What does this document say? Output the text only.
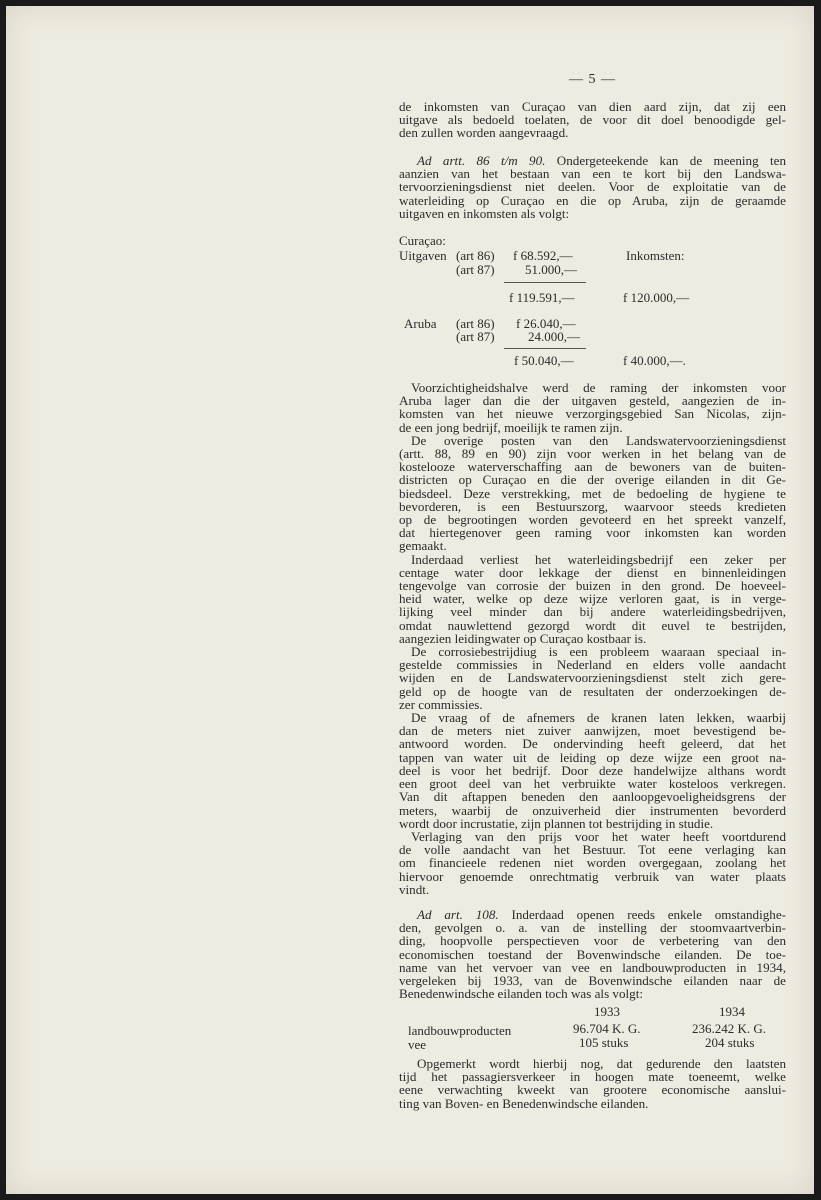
— 5 —
de inkomsten van Curaçao van dien aard zijn, dat zij een
uitgave als bedoeld toelaten, de voor dit doel benoodigde gel-
den zullen worden aangevraagd.
Ad artt. 86 t/m 90. Ondergeteekende kan de meening ten
aanzien van het bestaan van een te kort bij den Landswa-
tervoorzieningsdienst niet deelen. Voor de exploitatie van de
waterleiding op Curaçao en die op Aruba, zijn de geraamde
uitgaven en inkomsten als volgt:
Curaçao:
Uitgaven (art 86) f 68.592,—	Inkomsten:
(art 87) 51.000,—
f 119.591,—	f 120.000,—
Aruba (art 86) f 26.040,—
(art 87)	24.000,—
f 50.040,—	f 40.000,—.
Voorzichtigheidshalve werd de raming der inkomsten voor
Aruba lager dan die der uitgaven gesteld, aangezien de in-
komsten van het nieuwe verzorgingsgebied San Nicolas, zijn-
de een jong bedrijf, moeilijk te ramen zijn.
De overige posten van den Landswatervoorzieningsdienst
(artt. 88, 89 en 90) zijn voor werken in het belang van de
kostelooze waterverschaffing aan de bewoners van de buiten-
districten op Curaçao en die der overige eilanden in dit Ge-
biedsdeel. Deze verstrekking, met de bedoeling de hygiene te
bevorderen, is een Bestuurszorg, waarvoor steeds kredieten
op de begrootingen worden gevoteerd en het spreekt vanzelf,
dat hiertegenover geen raming voor inkomsten kan worden
gemaakt.
Inderdaad verliest het waterleidingsbedrijf een zeker per
centage water door lekkage der dienst en binnenleidingen
tengevolge van corrosie der buizen in den grond. De hoeveel-
heid water, welke op deze wijze verloren gaat, is in verge-
lijking veel minder dan bij andere waterleidingsbedrijven,
omdat nauwlettend gezorgd wordt dit euvel te bestrijden,
aangezien leidingwater op Curaçao kostbaar is.
De corrosiebestrijdiug is een probleem waaraan speciaal in-
gestelde commissies in Nederland en elders volle aandacht
wijden en de Landswatervoorzieningsdienst stelt zich gere-
geld op de hoogte van de resultaten der onderzoekingen de-
zer commissies.
De vraag of de afnemers de kranen laten lekken, waarbij
dan de meters niet zuiver aanwijzen, moet bevestigend be-
antwoord worden. De ondervinding heeft geleerd, dat het
tappen van water uit de leiding op deze wijze een groot na-
deel is voor het bedrijf. Door deze handelwijze althans wordt
een groot deel van het verbruikte water kosteloos verkregen.
Van dit aftappen beneden den aanloopgevoeligheidsgrens der
meters, waarbij de onzuiverheid dier instrumenten bevorderd
wordt door incrustatie, zijn plannen tot bestrijding in studie.
Verlaging van den prijs voor het water heeft voortdurend
de volle aandacht van het Bestuur. Tot eene verlaging kan
om financieele redenen niet worden overgegaan, zoolang het
hiervoor genoemde onrechtmatig verbruik van water plaats
vindt.
Ad art. 108. Inderdaad openen reeds enkele omstandighe-
den, gevolgen o. a. van de instelling der stoomvaartverbin-
ding, hoopvolle perspectieven voor de verbetering van den
economischen toestand der Bovenwindsche eilanden. De toe-
name van het vervoer van vee en landbouwproducten in 1934,
vergeleken bij 1933, van de Bovenwindsche eilanden naar de
Benedenwindsche eilanden toch was als volgt:
1933	1934
landbouwproducten	96.704 K. G.	236.242 K. G.
vee	105 stuks	204 stuks
Opgemerkt wordt hierbij nog, dat gedurende den laatsten
tijd het passagiersverkeer in hoogen mate toeneemt, welke
eene verwachting kweekt van grootere economische aanslui-
ting van Boven- en Benedenwindsche eilanden.
